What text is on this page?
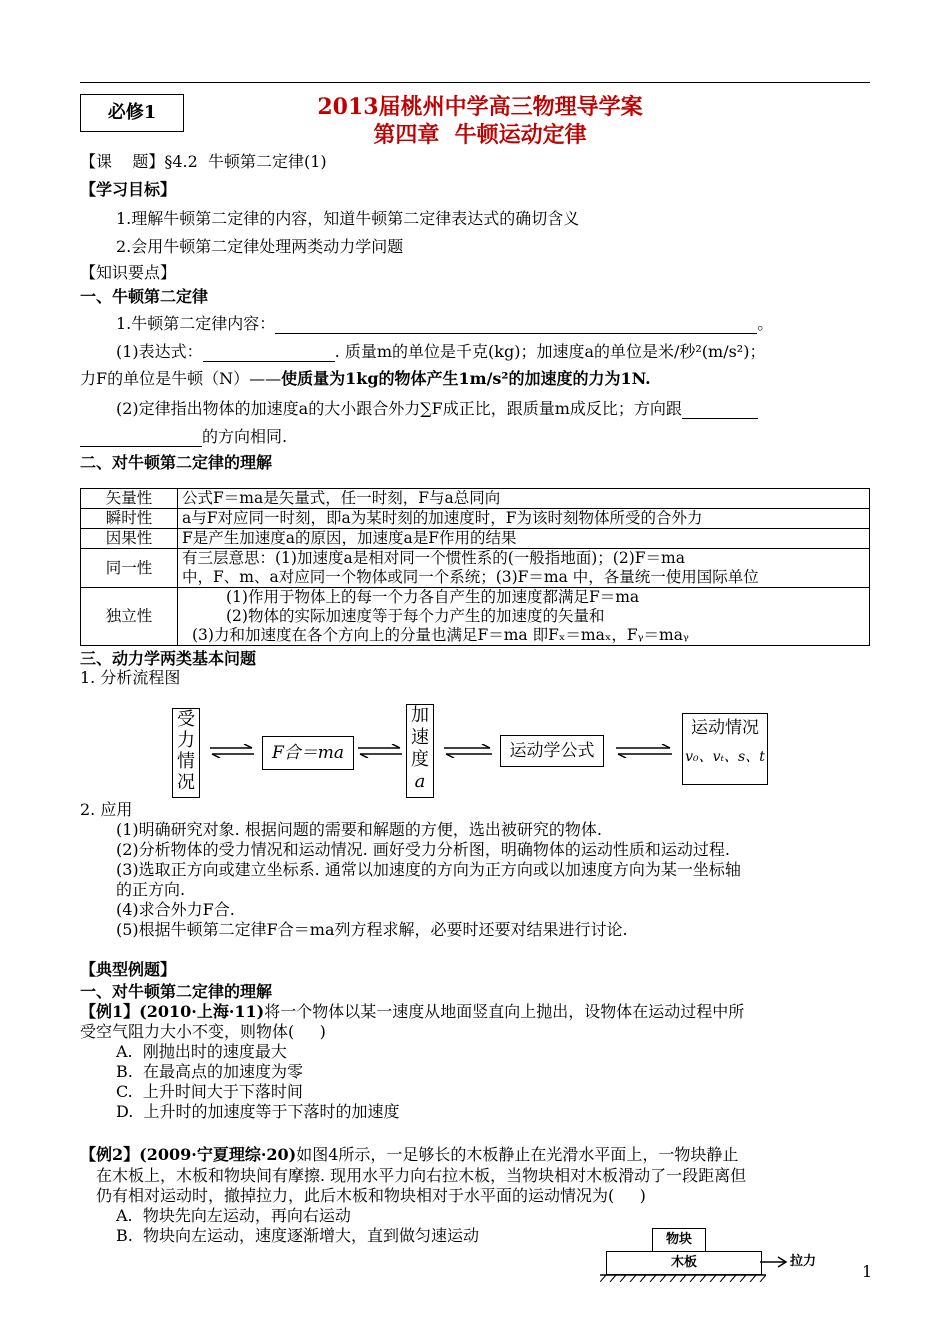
必修1	2013届桃州中学高三物理导学案
第四章  牛顿运动定律
【课    题】§4.2  牛顿第二定律(1)
【学习目标】
1.理解牛顿第二定律的内容，知道牛顿第二定律表达式的确切含义
2.会用牛顿第二定律处理两类动力学问题
【知识要点】
一、牛顿第二定律
1.牛顿第二定律内容：	。
(1)表达式：	. 质量m的单位是千克(kg)；加速度a的单位是米/秒²(m/s²)；
力F的单位是牛顿（N）——使质量为1kg的物体产生1m/s²的加速度的力为1N.
(2)定律指出物体的加速度a的大小跟合外力∑F成正比，跟质量m成反比；方向跟
的方向相同.
二、对牛顿第二定律的理解
矢量性	公式F＝ma是矢量式，任一时刻，F与a总同向

瞬时性	a与F对应同一时刻，即a为某时刻的加速度时，F为该时刻物体所受的合外力

因果性	F是产生加速度a的原因，加速度a是F作用的结果

同一性	有三层意思：(1)加速度a是相对同一个惯性系的(一般指地面)；(2)F＝ma
中，F、m、a对应同一个物体或同一个系统；(3)F＝ma 中，各量统一使用国际单位

独立性	(1)作用于物体上的每一个力各自产生的加速度都满足F＝ma
(2)物体的实际加速度等于每个力产生的加速度的矢量和
(3)力和加速度在各个方向上的分量也满足F＝ma 即Fₓ＝maₓ，Fᵧ＝maᵧ
三、动力学两类基本问题
1. 分析流程图
受
力
情
况
F合＝ma
加
速
度
a
运动学公式
运动情况
v₀、vₜ、s、t
2. 应用
(1)明确研究对象. 根据问题的需要和解题的方便，选出被研究的物体.
(2)分析物体的受力情况和运动情况. 画好受力分析图，明确物体的运动性质和运动过程.
(3)选取正方向或建立坐标系. 通常以加速度的方向为正方向或以加速度方向为某一坐标轴
的正方向.
(4)求合外力F合.
(5)根据牛顿第二定律F合＝ma列方程求解，必要时还要对结果进行讨论.
【典型例题】
一、对牛顿第二定律的理解
【例1】(2010·上海·11)将一个物体以某一速度从地面竖直向上抛出，设物体在运动过程中所
受空气阻力大小不变，则物体(     )
A.  刚抛出时的速度最大
B.  在最高点的加速度为零
C.  上升时间大于下落时间
D.  上升时的加速度等于下落时的加速度
【例2】(2009·宁夏理综·20)如图4所示，一足够长的木板静止在光滑水平面上，一物块静止
在木板上，木板和物块间有摩擦. 现用水平力向右拉木板，当物块相对木板滑动了一段距离但
仍有相对运动时，撤掉拉力，此后木板和物块相对于水平面的运动情况为(     )
A.  物块先向左运动，再向右运动
B.  物块向左运动，速度逐渐增大，直到做匀速运动	物块
木板	拉力
1
